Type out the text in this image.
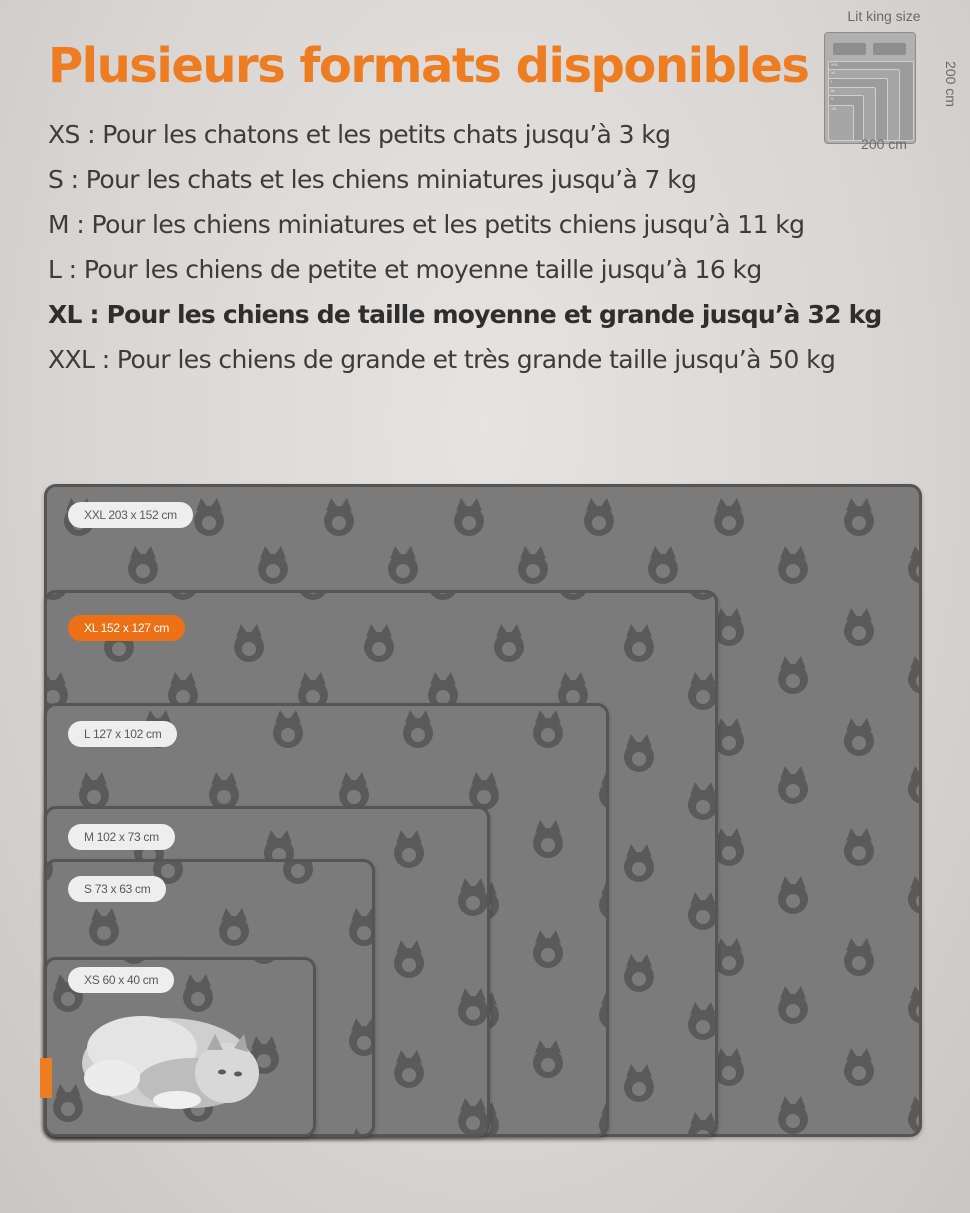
Plusieurs formats disponibles
XS : Pour les chatons et les petits chats jusqu’à 3 kg
S : Pour les chats et les chiens miniatures jusqu’à 7 kg
M : Pour les chiens miniatures et les petits chiens jusqu’à 11 kg
L : Pour les chiens de petite et moyenne taille jusqu’à 16 kg
XL : Pour les chiens de taille moyenne et grande jusqu’à 32 kg
XXL : Pour les chiens de grande et très grande taille jusqu’à 50 kg
Lit king size
XXL
XL
L
M
S
XS
200 cm
200 cm
XXL 203 x 152 cm
XL 152 x 127 cm
L 127 x 102 cm
M 102 x 73 cm
S 73 x 63 cm
XS 60 x 40 cm
